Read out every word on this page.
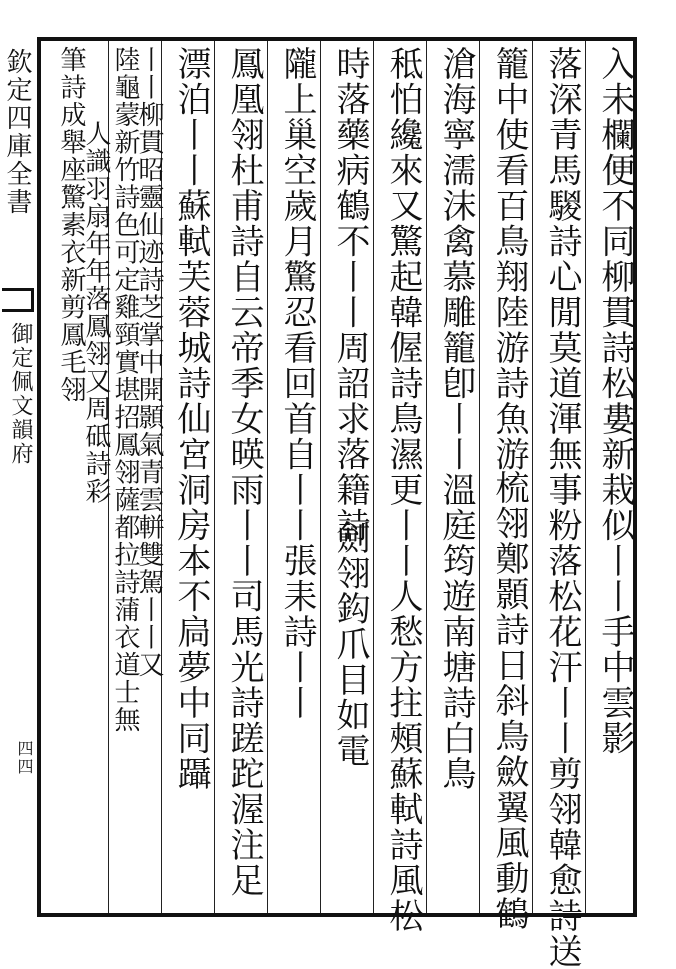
欽定四庫全書
御定佩文韻府
四四
入未欄便不同柳貫詩松婁新栽似丨丨手中雲影
落深青馬騣詩心閒莫道渾無事粉落松花汗丨丨剪翎韓愈詩送
籠中使看百鳥翔陸游詩魚游
梳翎鄭顥詩日斜鳥斂翼風動鶴
滄海寧濡沫禽慕雕籠卽丨丨溫庭筠遊南塘詩白鳥
秪怕纔來又驚起韓偓詩鳥濕更丨丨人愁方拄頰蘇軾詩風松
時落藥病鶴不丨丨周詔求落籍詩
劍翎鈎爪目如電
隴上巢空歲月驚忍看回首自丨丨張耒詩丨丨
鳳凰翎杜甫詩自云帝季女暎雨丨丨司馬光詩蹉跎渥注足
漂泊丨丨蘇軾芙蓉城詩仙宮洞房本不扃夢中同躡
丨丨柳貫昭靈仙迹詩芝掌中開顥氣青雲軿雙駕丨丨又
陸龜蒙新竹詩色可定雞頸實堪招鳳翎薩都拉詩蒲衣道士無
人識羽扇年年落鳳翎又周砥詩彩
筆詩成舉座驚素衣新剪鳳毛翎
